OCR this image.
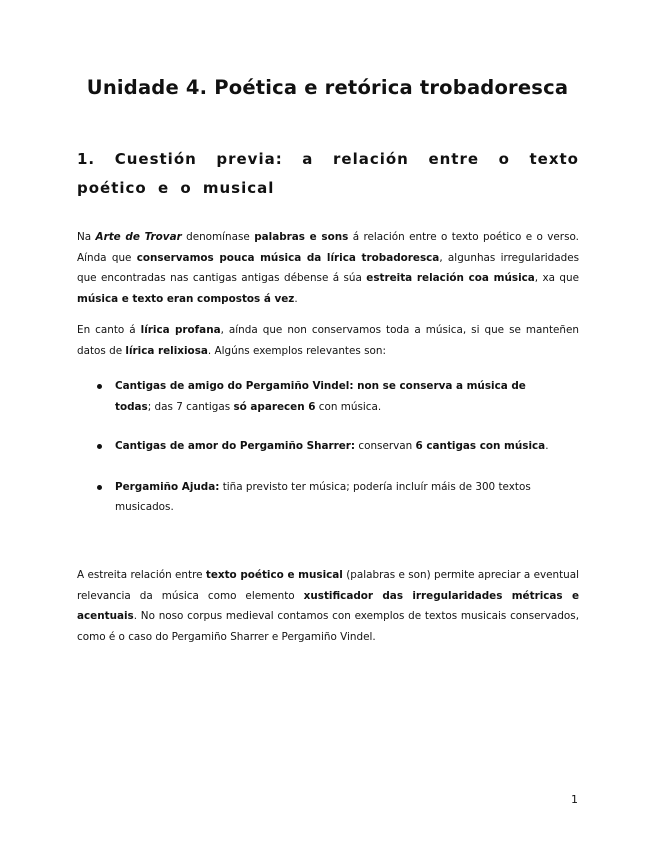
Unidade 4. Poética e retórica trobadoresca
1. Cuestión previa: a relación entre o texto poético e o musical

Na Arte de Trovar denomínase palabras e sons á relación entre o texto poético e o verso. Aínda que conservamos pouca música da lírica trobadoresca, algunhas irregularidades que encontradas nas cantigas antigas débense á súa estreita relación coa música, xa que música e texto eran compostos á vez.

En canto á lírica profana, aínda que non conservamos toda a música, si que se manteñen datos de lírica relixiosa. Algúns exemplos relevantes son:

Cantigas de amigo do Pergamiño Vindel: non se conserva a música de todas; das 7 cantigas só aparecen 6 con música.
Cantigas de amor do Pergamiño Sharrer: conservan 6 cantigas con música.
Pergamiño Ajuda: tiña previsto ter música; podería incluír máis de 300 textos musicados.

A estreita relación entre texto poético e musical (palabras e son) permite apreciar a eventual relevancia da música como elemento xustificador das irregularidades métricas e acentuais. No noso corpus medieval contamos con exemplos de textos musicais conservados, como é o caso do Pergamiño Sharrer e Pergamiño Vindel.

1
